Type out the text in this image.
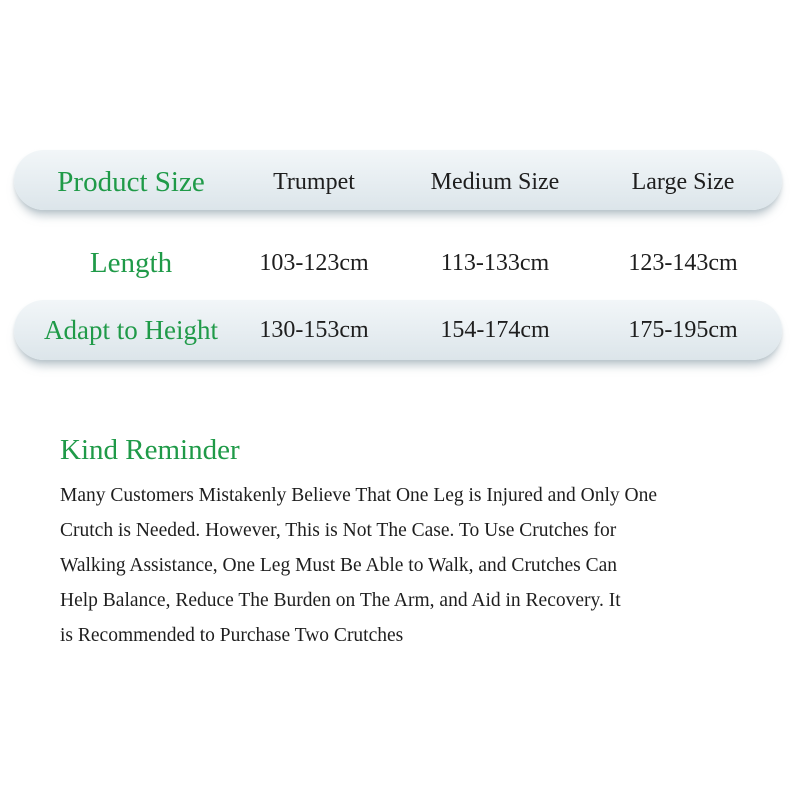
Product Size	Trumpet	Medium Size	Large Size
Length	103-123cm	113-133cm	123-143cm
Adapt to Height	130-153cm	154-174cm	175-195cm
Kind Reminder
Many Customers Mistakenly Believe That One Leg is Injured and Only One
Crutch is Needed. However, This is Not The Case. To Use Crutches for
Walking Assistance, One Leg Must Be Able to Walk, and Crutches Can
Help Balance, Reduce The Burden on The Arm, and Aid in Recovery. It
is Recommended to Purchase Two Crutches
